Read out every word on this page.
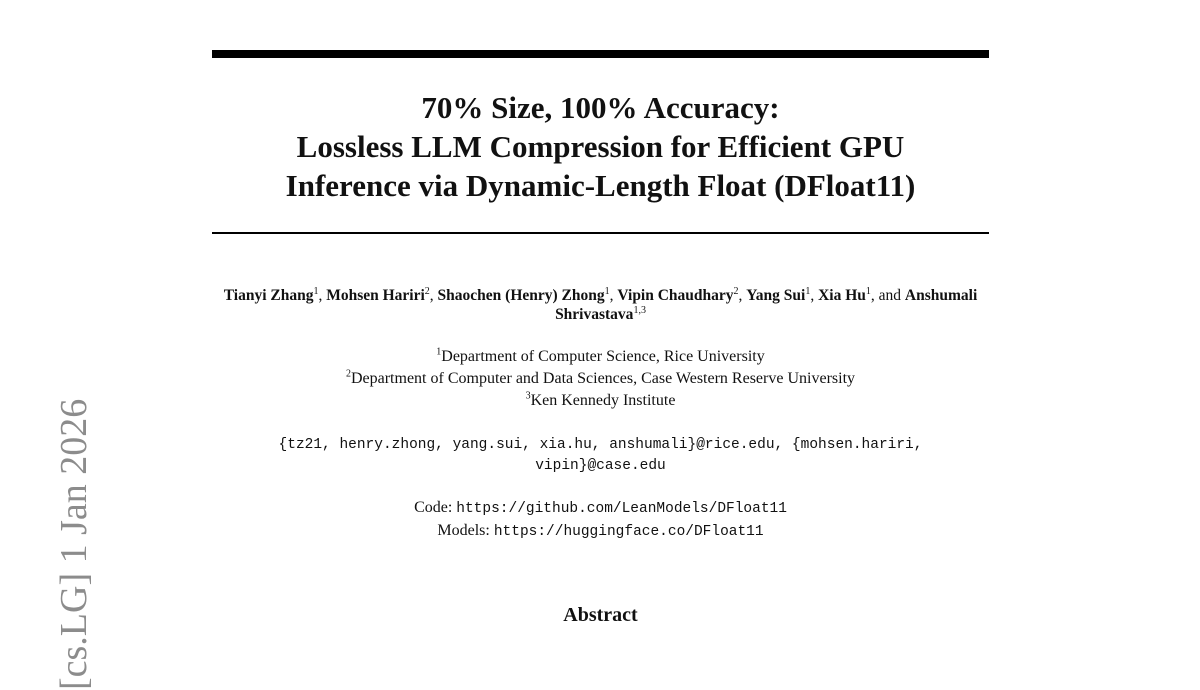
[cs.LG] 1 Jan 2026
70% Size, 100% Accuracy:
Lossless LLM Compression for Efficient GPU
Inference via Dynamic-Length Float (DFloat11)
Tianyi Zhang$^1$, Mohsen Hariri$^2$, Shaochen (Henry) Zhong$^1$, Vipin Chaudhary$^2$, Yang Sui$^1$, Xia Hu$^1$, and Anshumali Shrivastava$^{1,3}$
$^1$Department of Computer Science, Rice University
$^2$Department of Computer and Data Sciences, Case Western Reserve University
$^3$Ken Kennedy Institute
{tz21, henry.zhong, yang.sui, xia.hu, anshumali}@rice.edu, {mohsen.hariri,
vipin}@case.edu
Code: https://github.com/LeanModels/DFloat11
Models: https://huggingface.co/DFloat11
Abstract
